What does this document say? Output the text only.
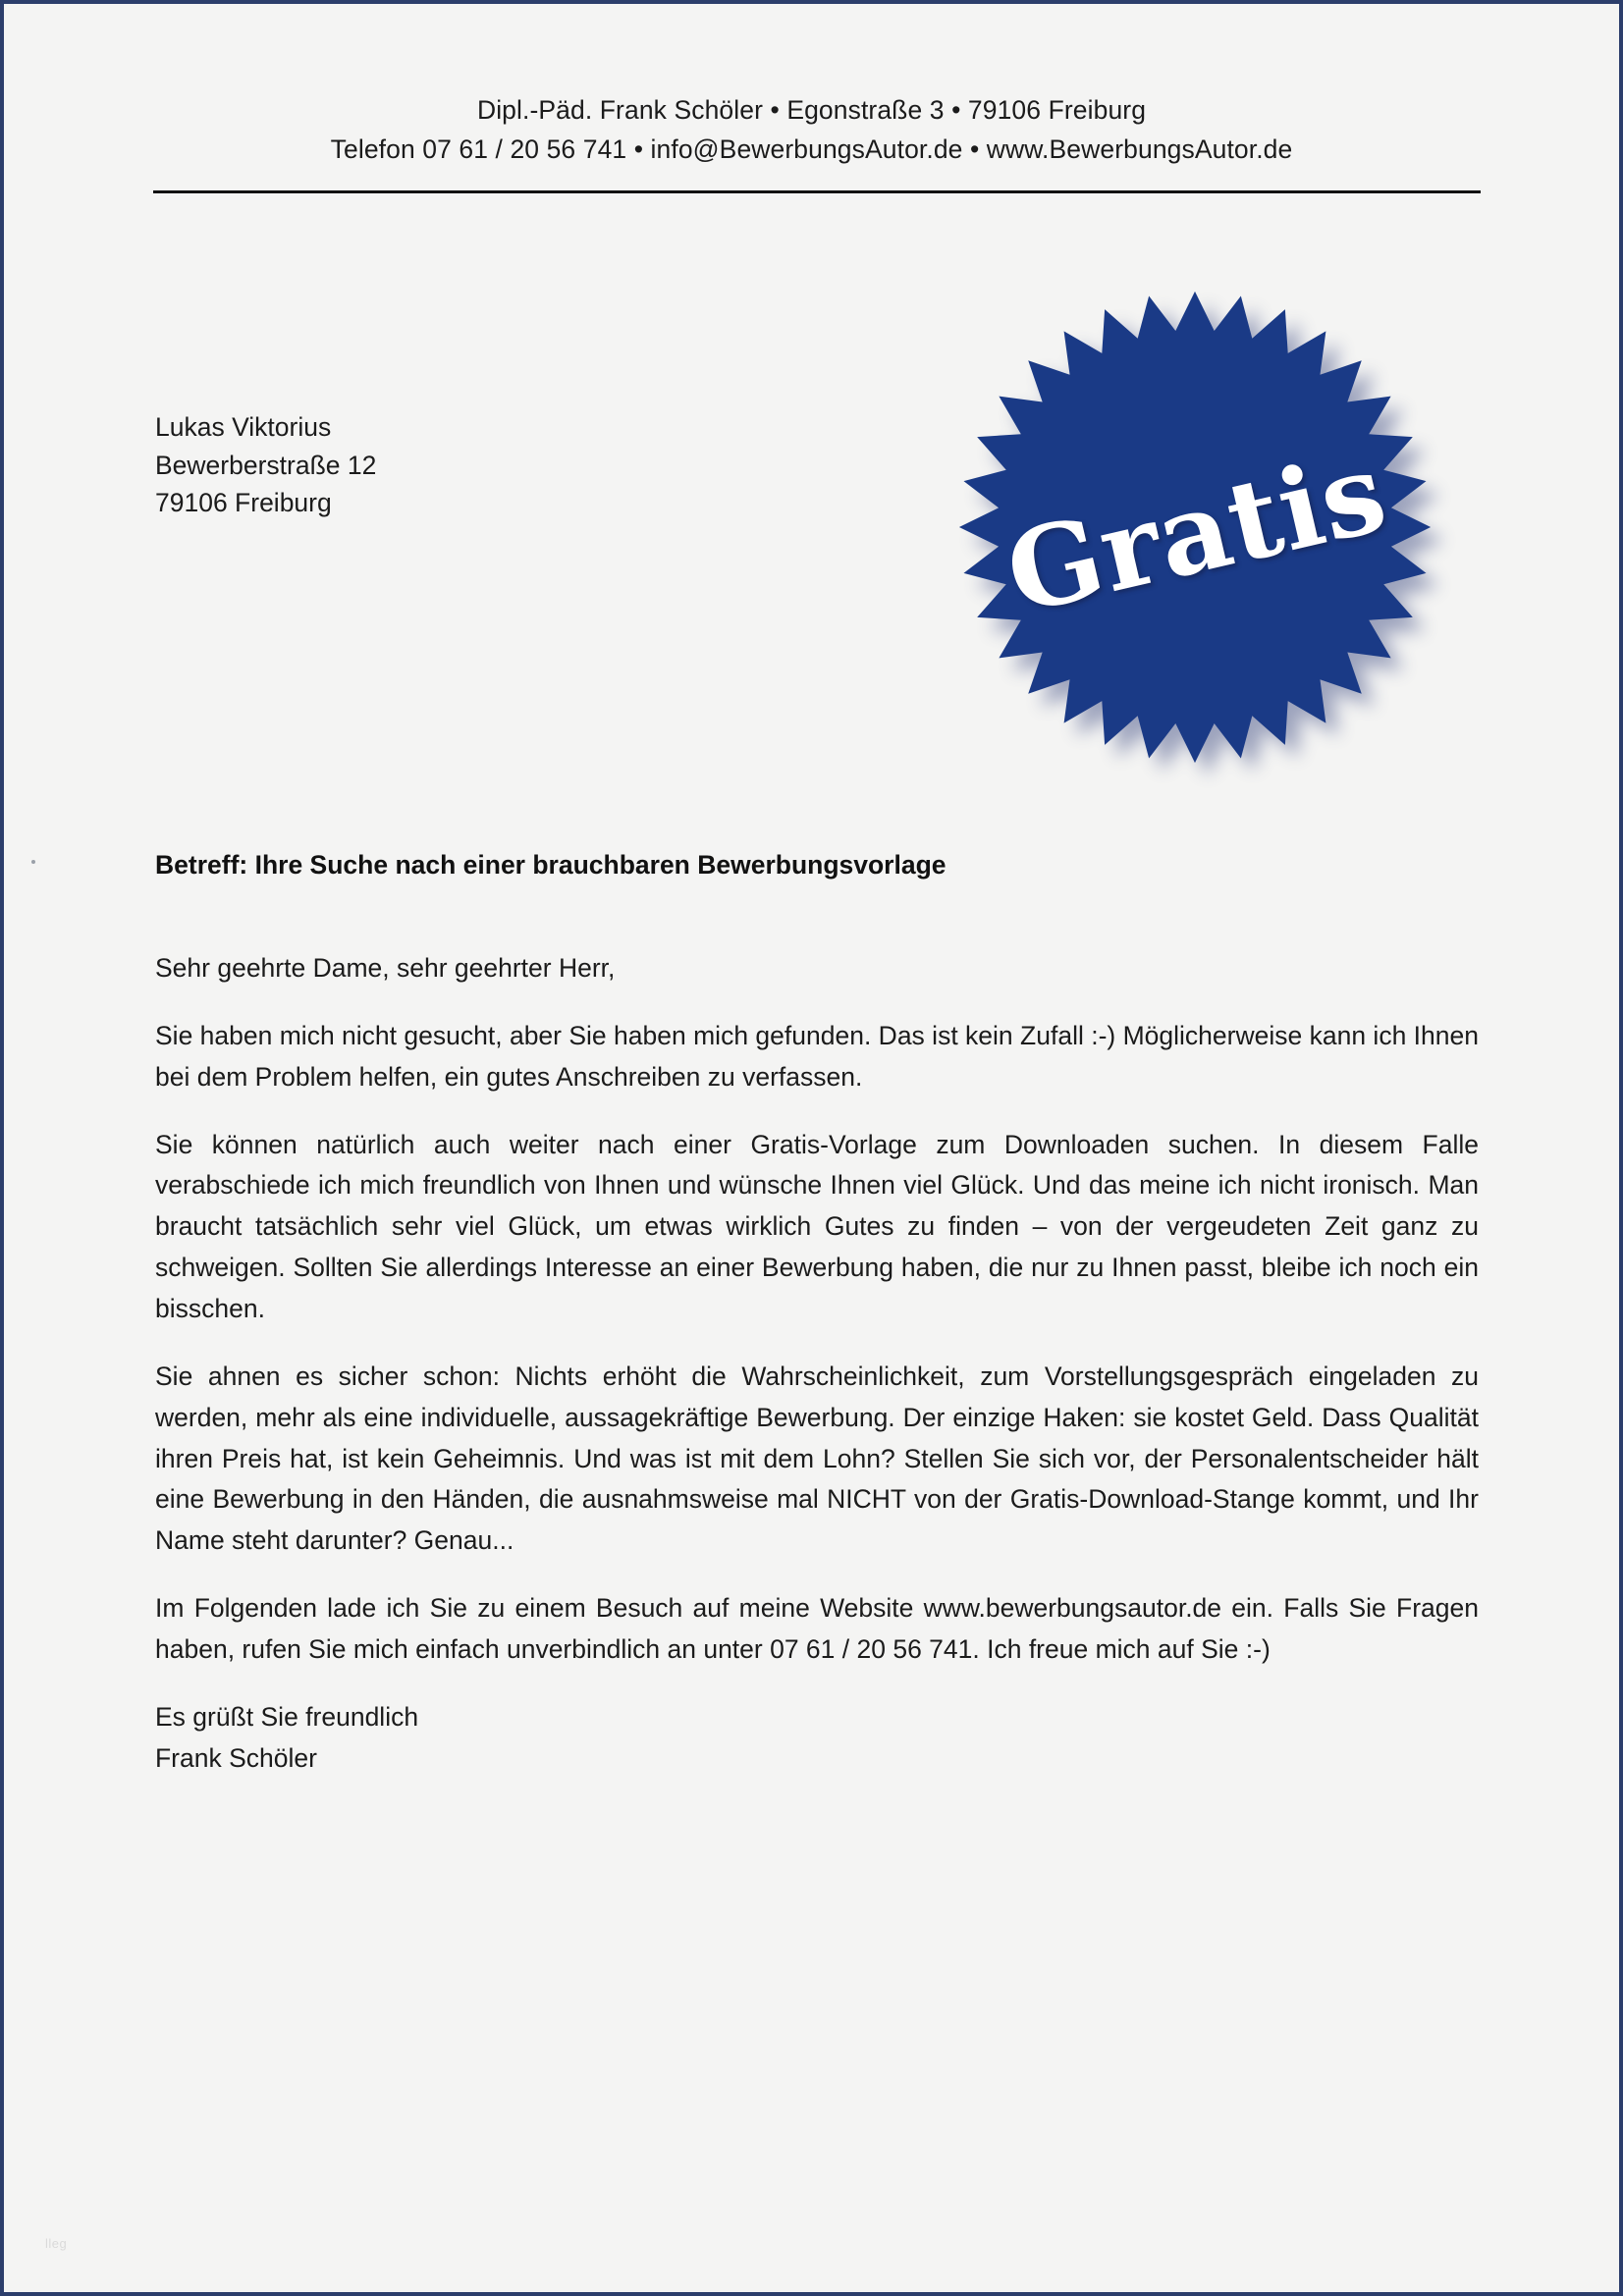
Dipl.-Päd. Frank Schöler • Egonstraße 3 • 79106 Freiburg
Telefon 07 61 / 20 56 741 • info@BewerbungsAutor.de • www.BewerbungsAutor.de
Lukas Viktorius
Bewerberstraße 12
79106 Freiburg	Gratis
Betreff: Ihre Suche nach einer brauchbaren Bewerbungsvorlage

Sehr geehrte Dame, sehr geehrter Herr,

Sie haben mich nicht gesucht, aber Sie haben mich gefunden. Das ist kein Zufall :-) Möglicherweise kann ich Ihnen bei dem Problem helfen, ein gutes Anschreiben zu verfassen.

Sie können natürlich auch weiter nach einer Gratis-Vorlage zum Downloaden suchen. In diesem Falle verabschiede ich mich freundlich von Ihnen und wünsche Ihnen viel Glück. Und das meine ich nicht ironisch. Man braucht tatsächlich sehr viel Glück, um etwas wirklich Gutes zu finden – von der vergeudeten Zeit ganz zu schweigen. Sollten Sie allerdings Interesse an einer Bewerbung haben, die nur zu Ihnen passt, bleibe ich noch ein bisschen.

Sie ahnen es sicher schon: Nichts erhöht die Wahrscheinlichkeit, zum Vorstellungsgespräch eingeladen zu werden, mehr als eine individuelle, aussagekräftige Bewerbung. Der einzige Haken: sie kostet Geld. Dass Qualität ihren Preis hat, ist kein Geheimnis. Und was ist mit dem Lohn? Stellen Sie sich vor, der Personalentscheider hält eine Bewerbung in den Händen, die ausnahmsweise mal NICHT von der Gratis-Download-Stange kommt, und Ihr Name steht darunter? Genau...

Im Folgenden lade ich Sie zu einem Besuch auf meine Website www.bewerbungsautor.de ein. Falls Sie Fragen haben, rufen Sie mich einfach unverbindlich an unter 07 61 / 20 56 741. Ich freue mich auf Sie :-)

Es grüßt Sie freundlich

Frank Schöler

lleg
